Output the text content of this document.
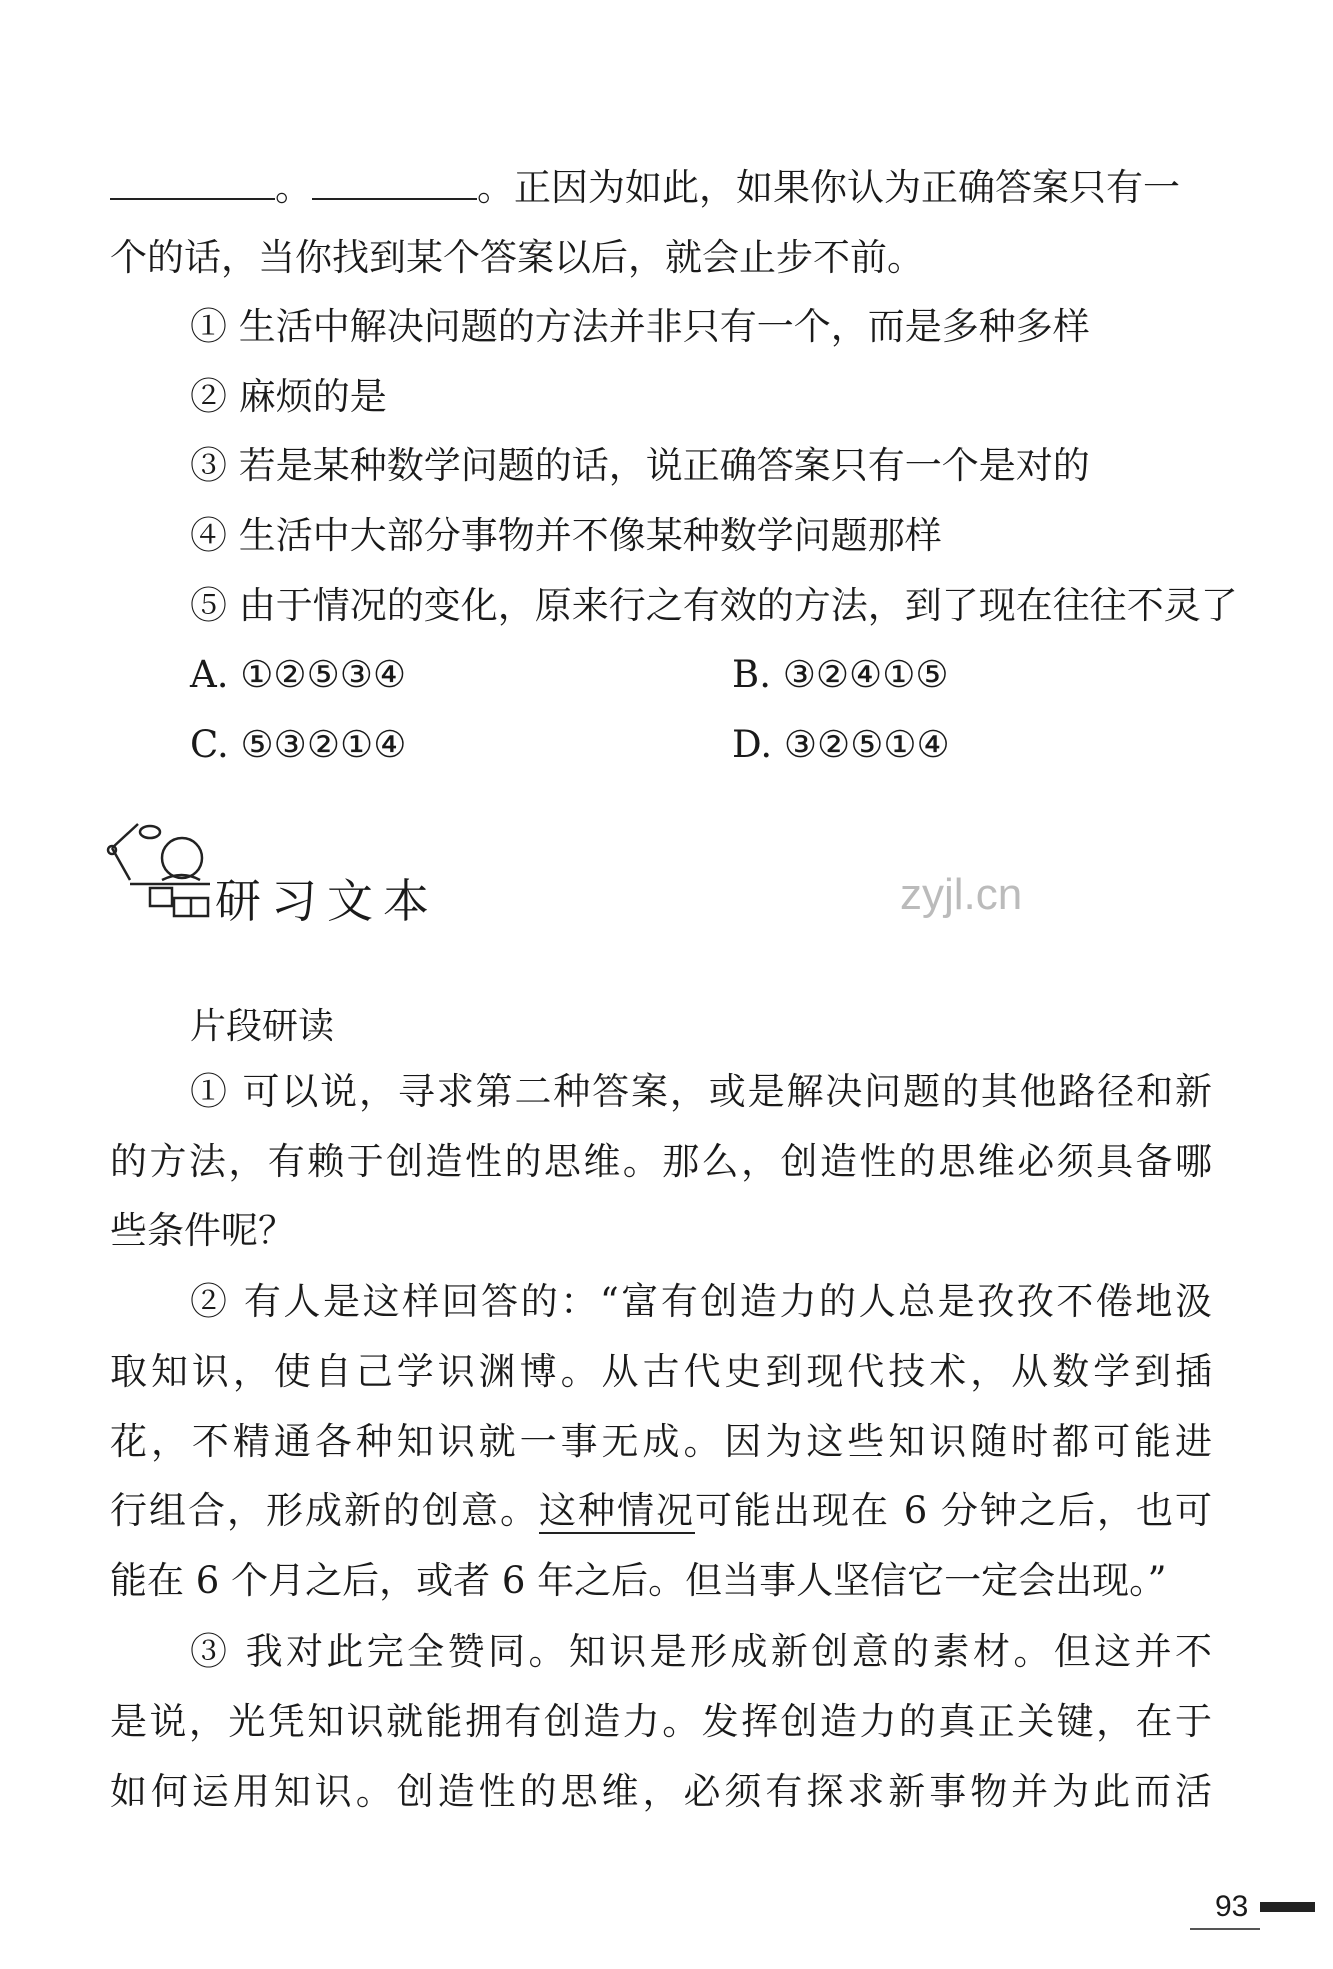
。	。正因为如此，如果你认为正确答案只有一
个的话，当你找到某个答案以后，就会止步不前。
① 生活中解决问题的方法并非只有一个，而是多种多样
② 麻烦的是
③ 若是某种数学问题的话，说正确答案只有一个是对的
④ 生活中大部分事物并不像某种数学问题那样
⑤ 由于情况的变化，原来行之有效的方法，到了现在往往不灵了
A. ①②⑤③④	B. ③②④①⑤
C. ⑤③②①④	D. ③②⑤①④
研习文本	zyjl.cn
片段研读
① 可以说，寻求第二种答案，或是解决问题的其他路径和新
的方法，有赖于创造性的思维。那么，创造性的思维必须具备哪
些条件呢？
② 有人是这样回答的：“富有创造力的人总是孜孜不倦地汲
取知识，使自己学识渊博。从古代史到现代技术，从数学到插
花，不精通各种知识就一事无成。因为这些知识随时都可能进
行组合，形成新的创意。这种情况可能出现在 6 分钟之后，也可
能在 6 个月之后，或者 6 年之后。但当事人坚信它一定会出现。”
③ 我对此完全赞同。知识是形成新创意的素材。但这并不
是说，光凭知识就能拥有创造力。发挥创造力的真正关键，在于
如何运用知识。创造性的思维，必须有探求新事物并为此而活
93
